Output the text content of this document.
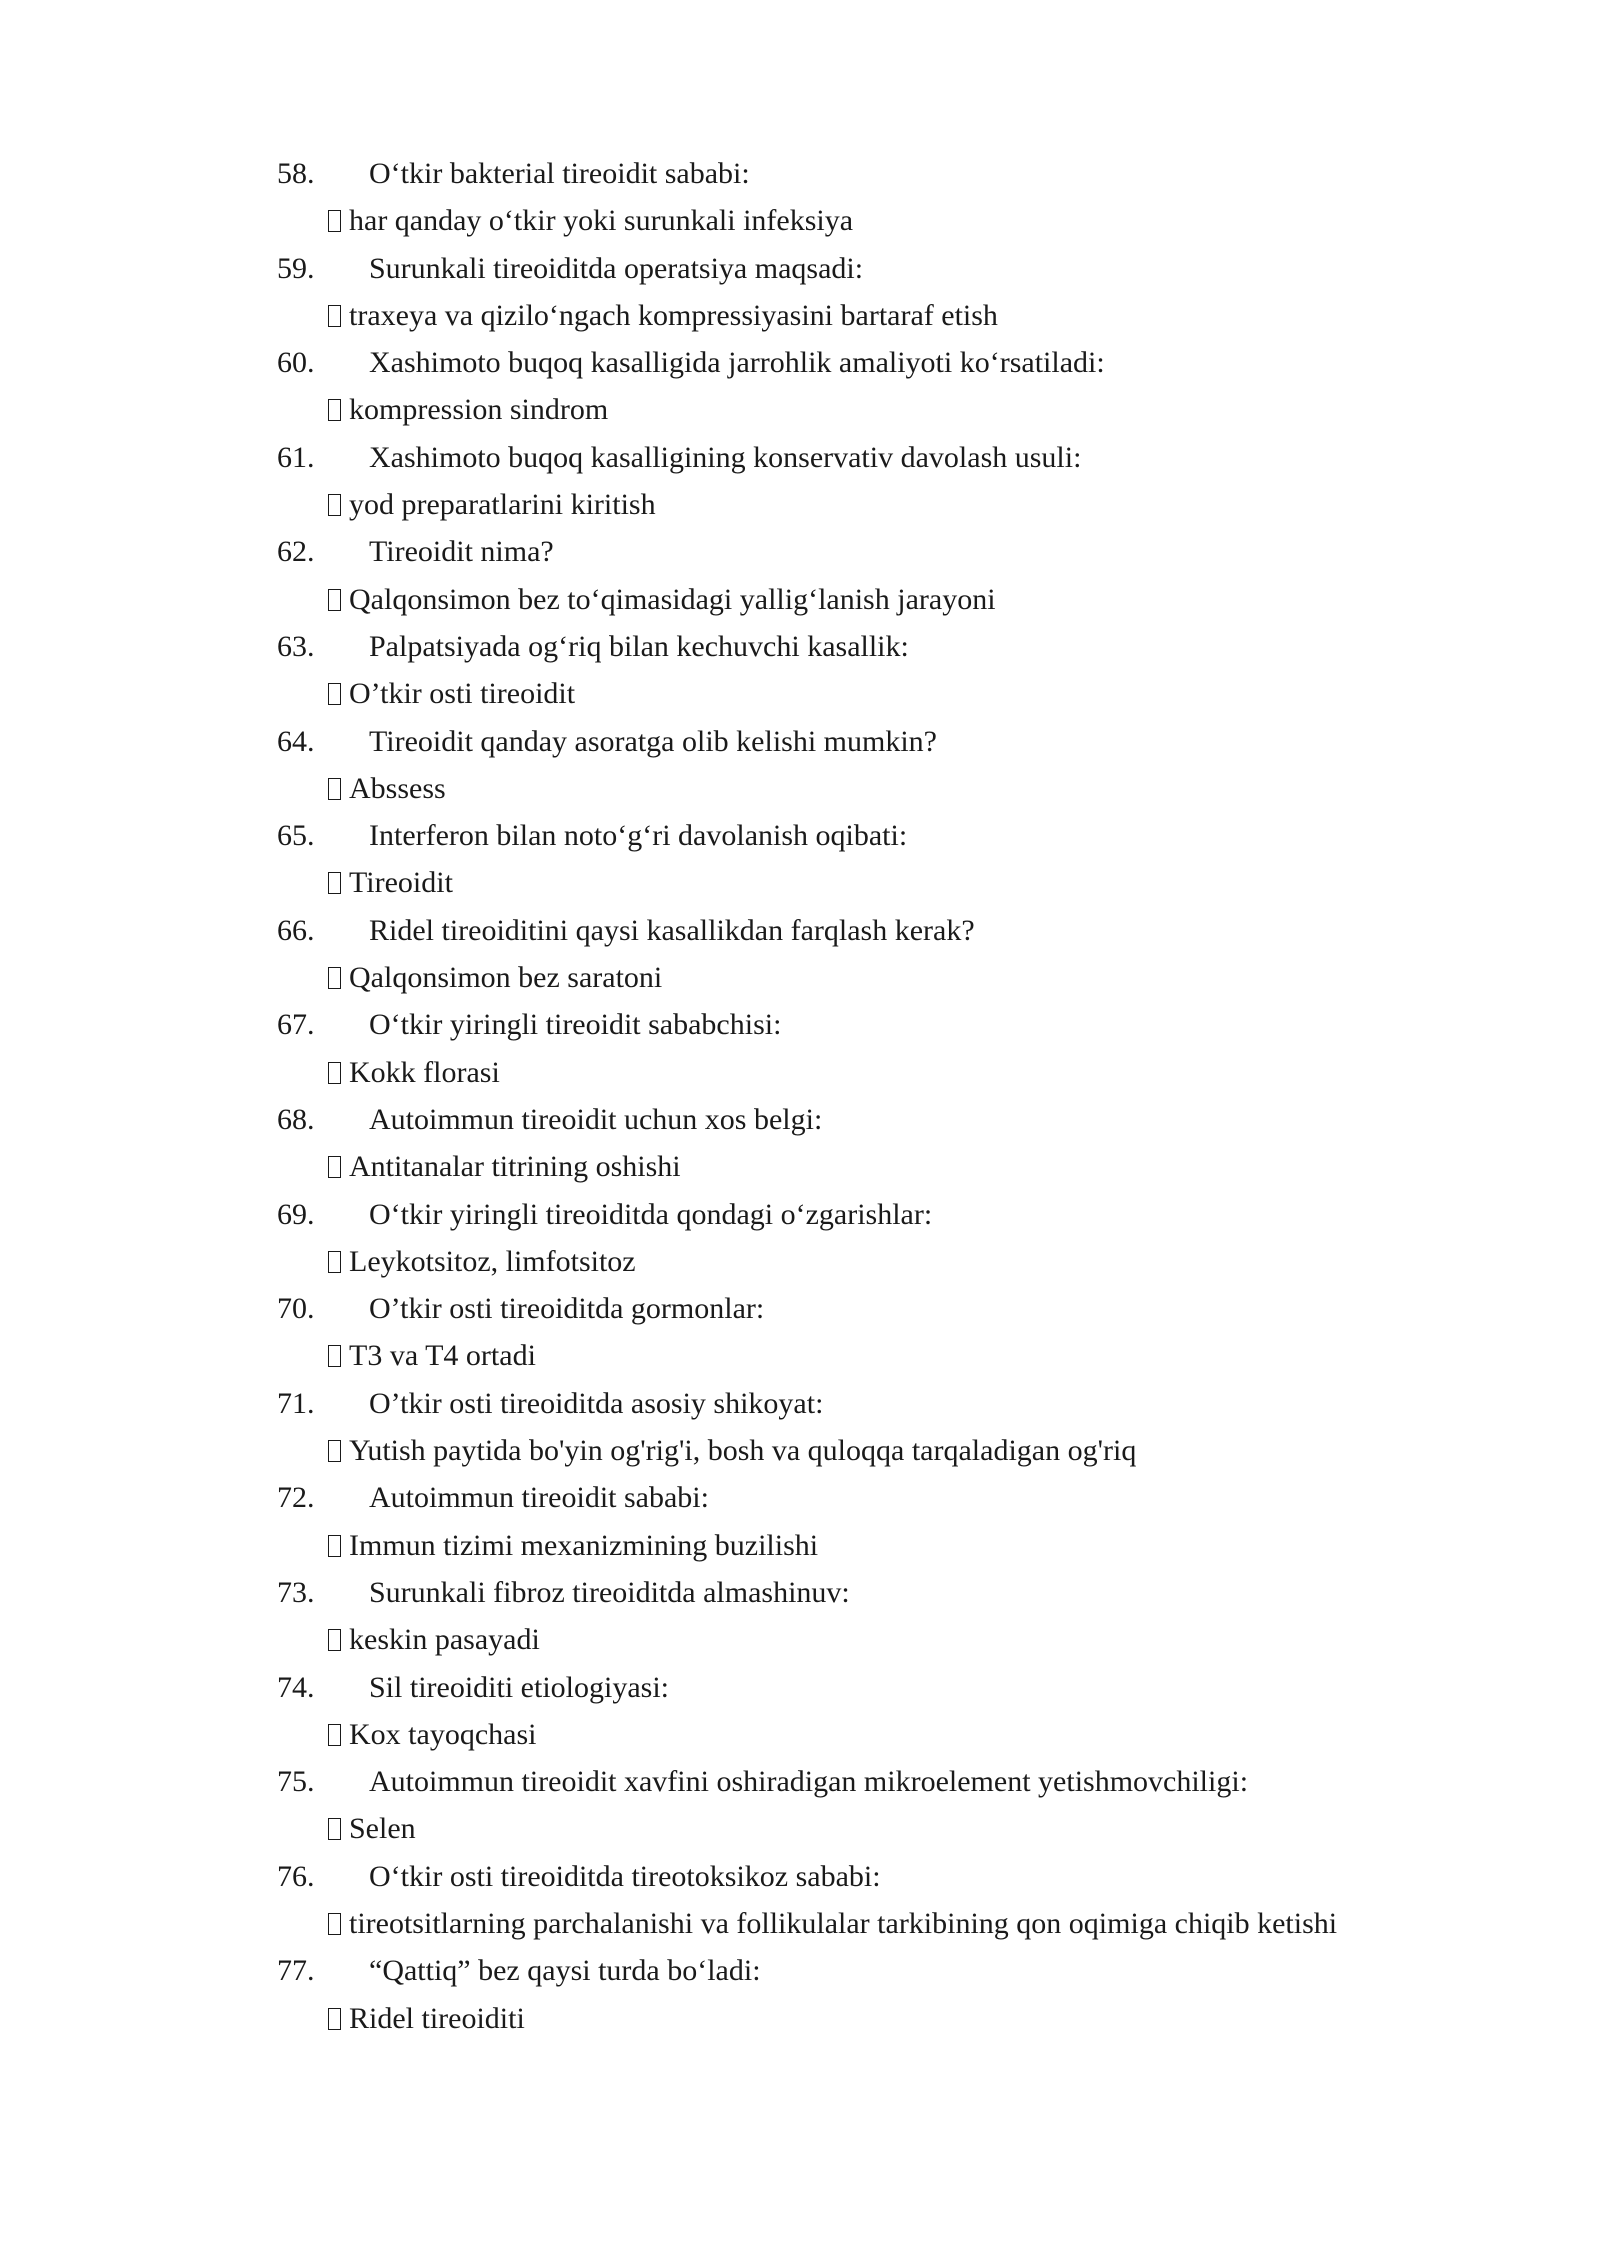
58. O‘tkir bakterial tireoidit sababi:
har qanday o‘tkir yoki surunkali infeksiya
59. Surunkali tireoiditda operatsiya maqsadi:
traxeya va qizilo‘ngach kompressiyasini bartaraf etish
60. Xashimoto buqoq kasalligida jarrohlik amaliyoti ko‘rsatiladi:
kompression sindrom
61. Xashimoto buqoq kasalligining konservativ davolash usuli:
yod preparatlarini kiritish
62. Tireoidit nima?
Qalqonsimon bez to‘qimasidagi yallig‘lanish jarayoni
63. Palpatsiyada og‘riq bilan kechuvchi kasallik:
O’tkir osti tireoidit
64. Tireoidit qanday asoratga olib kelishi mumkin?
Abssess
65. Interferon bilan noto‘g‘ri davolanish oqibati:
Tireoidit
66. Ridel tireoiditini qaysi kasallikdan farqlash kerak?
Qalqonsimon bez saratoni
67. O‘tkir yiringli tireoidit sababchisi:
Kokk florasi
68. Autoimmun tireoidit uchun xos belgi:
Antitanalar titrining oshishi
69. O‘tkir yiringli tireoiditda qondagi o‘zgarishlar:
Leykotsitoz, limfotsitoz
70. O’tkir osti tireoiditda gormonlar:
T3 va T4 ortadi
71. O’tkir osti tireoiditda asosiy shikoyat:
Yutish paytida bo'yin og'rig'i, bosh va quloqqa tarqaladigan og'riq
72. Autoimmun tireoidit sababi:
Immun tizimi mexanizmining buzilishi
73. Surunkali fibroz tireoiditda almashinuv:
keskin pasayadi
74. Sil tireoiditi etiologiyasi:
Kox tayoqchasi
75. Autoimmun tireoidit xavfini oshiradigan mikroelement yetishmovchiligi:
Selen
76. O‘tkir osti tireoiditda tireotoksikoz sababi:
tireotsitlarning parchalanishi va follikulalar tarkibining qon oqimiga chiqib ketishi
77. “Qattiq” bez qaysi turda bo‘ladi:
Ridel tireoiditi
